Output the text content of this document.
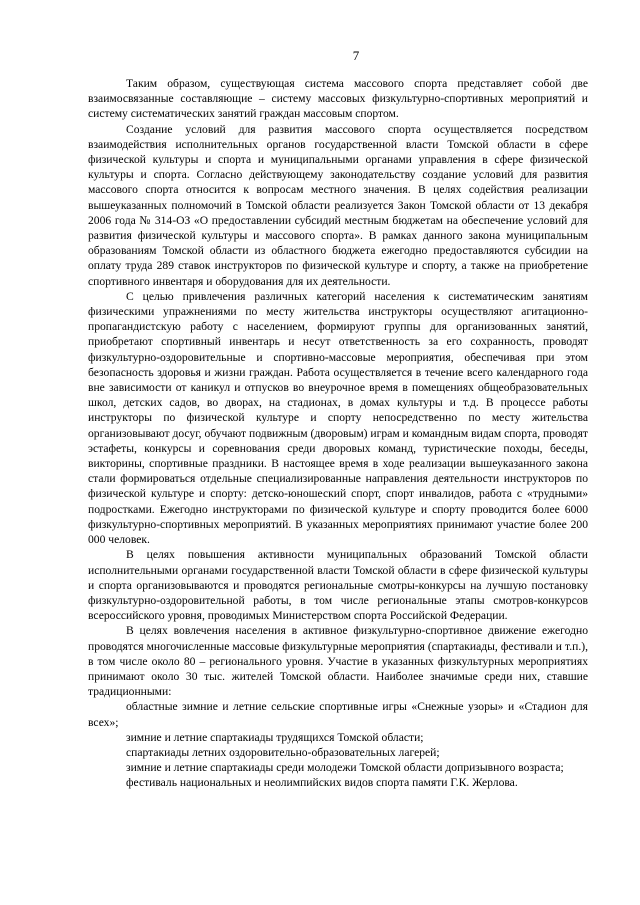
7

Таким образом, существующая система массового спорта представляет собой две взаимосвязанные составляющие – систему массовых физкультурно-спортивных мероприятий и систему систематических занятий граждан массовым спортом.

Создание условий для развития массового спорта осуществляется посредством взаимодействия исполнительных органов государственной власти Томской области в сфере физической культуры и спорта и муниципальными органами управления в сфере физической культуры и спорта. Согласно действующему законодательству создание условий для развития массового спорта относится к вопросам местного значения. В целях содействия реализации вышеуказанных полномочий в Томской области реализуется Закон Томской области от 13 декабря 2006 года № 314-ОЗ «О предоставлении субсидий местным бюджетам на обеспечение условий для развития физической культуры и массового спорта». В рамках данного закона муниципальным образованиям Томской области из областного бюджета ежегодно предоставляются субсидии на оплату труда 289 ставок инструкторов по физической культуре и спорту, а также на приобретение спортивного инвентаря и оборудования для их деятельности.

С целью привлечения различных категорий населения к систематическим занятиям физическими упражнениями по месту жительства инструкторы осуществляют агитационно-пропагандистскую работу с населением, формируют группы для организованных занятий, приобретают спортивный инвентарь и несут ответственность за его сохранность, проводят физкультурно-оздоровительные и спортивно-массовые мероприятия, обеспечивая при этом безопасность здоровья и жизни граждан. Работа осуществляется в течение всего календарного года вне зависимости от каникул и отпусков во внеурочное время в помещениях общеобразовательных школ, детских садов, во дворах, на стадионах, в домах культуры и т.д. В процессе работы инструкторы по физической культуре и спорту непосредственно по месту жительства организовывают досуг, обучают подвижным (дворовым) играм и командным видам спорта, проводят эстафеты, конкурсы и соревнования среди дворовых команд, туристические походы, беседы, викторины, спортивные праздники. В настоящее время в ходе реализации вышеуказанного закона стали формироваться отдельные специализированные направления деятельности инструкторов по физической культуре и спорту: детско-юношеский спорт, спорт инвалидов, работа с «трудными» подростками. Ежегодно инструкторами по физической культуре и спорту проводится более 6000 физкультурно-спортивных мероприятий. В указанных мероприятиях принимают участие более 200 000 человек.

В целях повышения активности муниципальных образований Томской области исполнительными органами государственной власти Томской области в сфере физической культуры и спорта организовываются и проводятся региональные смотры-конкурсы на лучшую постановку физкультурно-оздоровительной работы, в том числе региональные этапы смотров-конкурсов всероссийского уровня, проводимых Министерством спорта Российской Федерации.

В целях вовлечения населения в активное физкультурно-спортивное движение ежегодно проводятся многочисленные массовые физкультурные мероприятия (спартакиады, фестивали и т.п.), в том числе около 80 – регионального уровня. Участие в указанных физкультурных мероприятиях принимают около 30 тыс. жителей Томской области. Наиболее значимые среди них, ставшие традиционными:

областные зимние и летние сельские спортивные игры «Снежные узоры» и «Стадион для всех»;

зимние и летние спартакиады трудящихся Томской области;

спартакиады летних оздоровительно-образовательных лагерей;

зимние и летние спартакиады среди молодежи Томской области допризывного возраста;

фестиваль национальных и неолимпийских видов спорта памяти Г.К. Жерлова.
